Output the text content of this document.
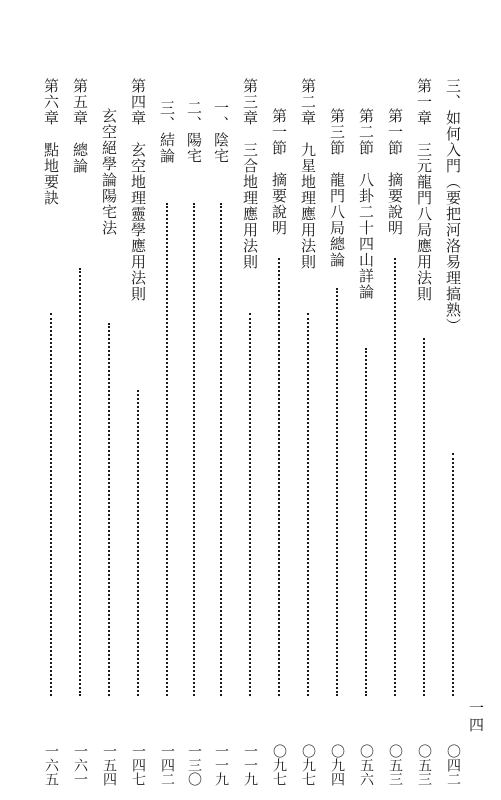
一四
三、如何入門（要把河洛易理搞熟）
〇四二
第一章　三元龍門八局應用法則
〇五三
第一節　摘要說明
〇五三
第二節　八卦二十四山詳論
〇五六
第三節　龍門八局總論
〇九四
第二章　九星地理應用法則
〇九七
第一節　摘要說明
〇九七
第三章　三合地理應用法則
一一九
一、陰宅
一一九
二、陽宅
一三〇
三、結論
一四二
第四章　玄空地理靈學應用法則
一四七
玄空絕學論陽宅法
一五四
第五章　總論
一六一
第六章　點地要訣
一六五
